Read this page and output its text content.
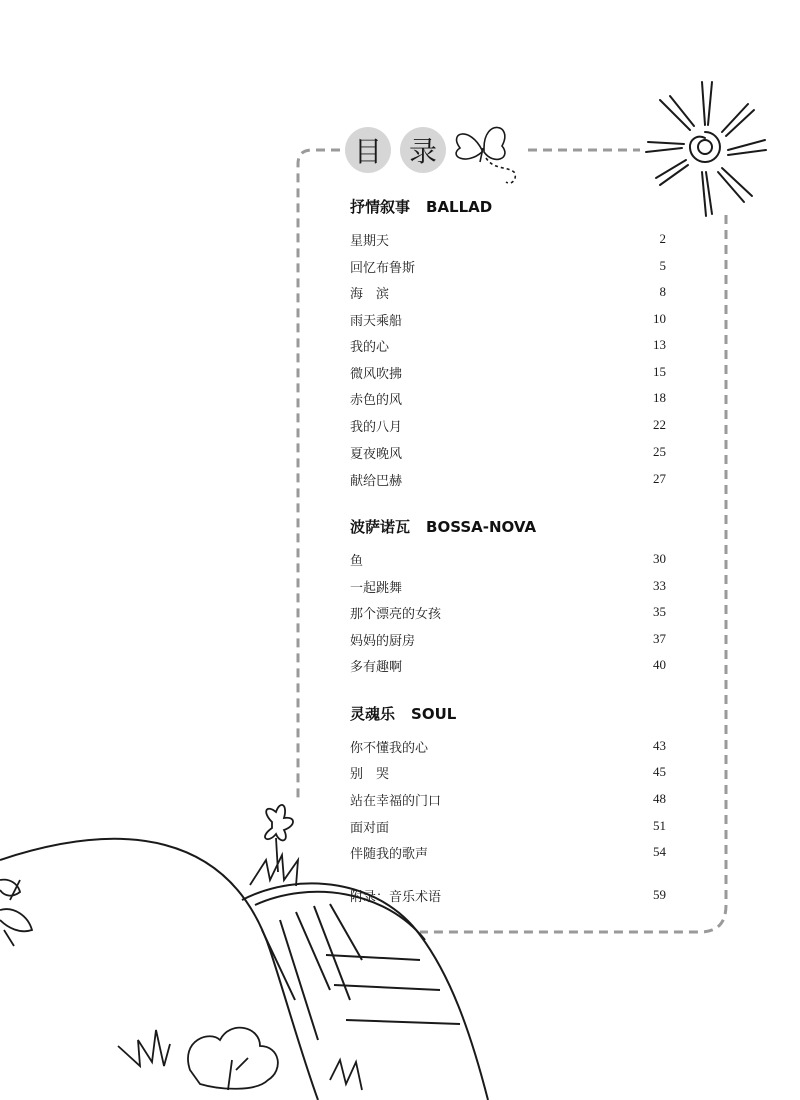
目 录
抒情叙事 BALLAD
星期天	2
回忆布鲁斯	5
海　滨	8
雨天乘船	10
我的心	13
微风吹拂	15
赤色的风	18
我的八月	22
夏夜晚风	25
献给巴赫	27
波萨诺瓦 BOSSA-NOVA
鱼	30
一起跳舞	33
那个漂亮的女孩	35
妈妈的厨房	37
多有趣啊	40
灵魂乐 SOUL
你不懂我的心	43
别　哭	45
站在幸福的门口	48
面对面	51
伴随我的歌声	54
附录：音乐术语	59
